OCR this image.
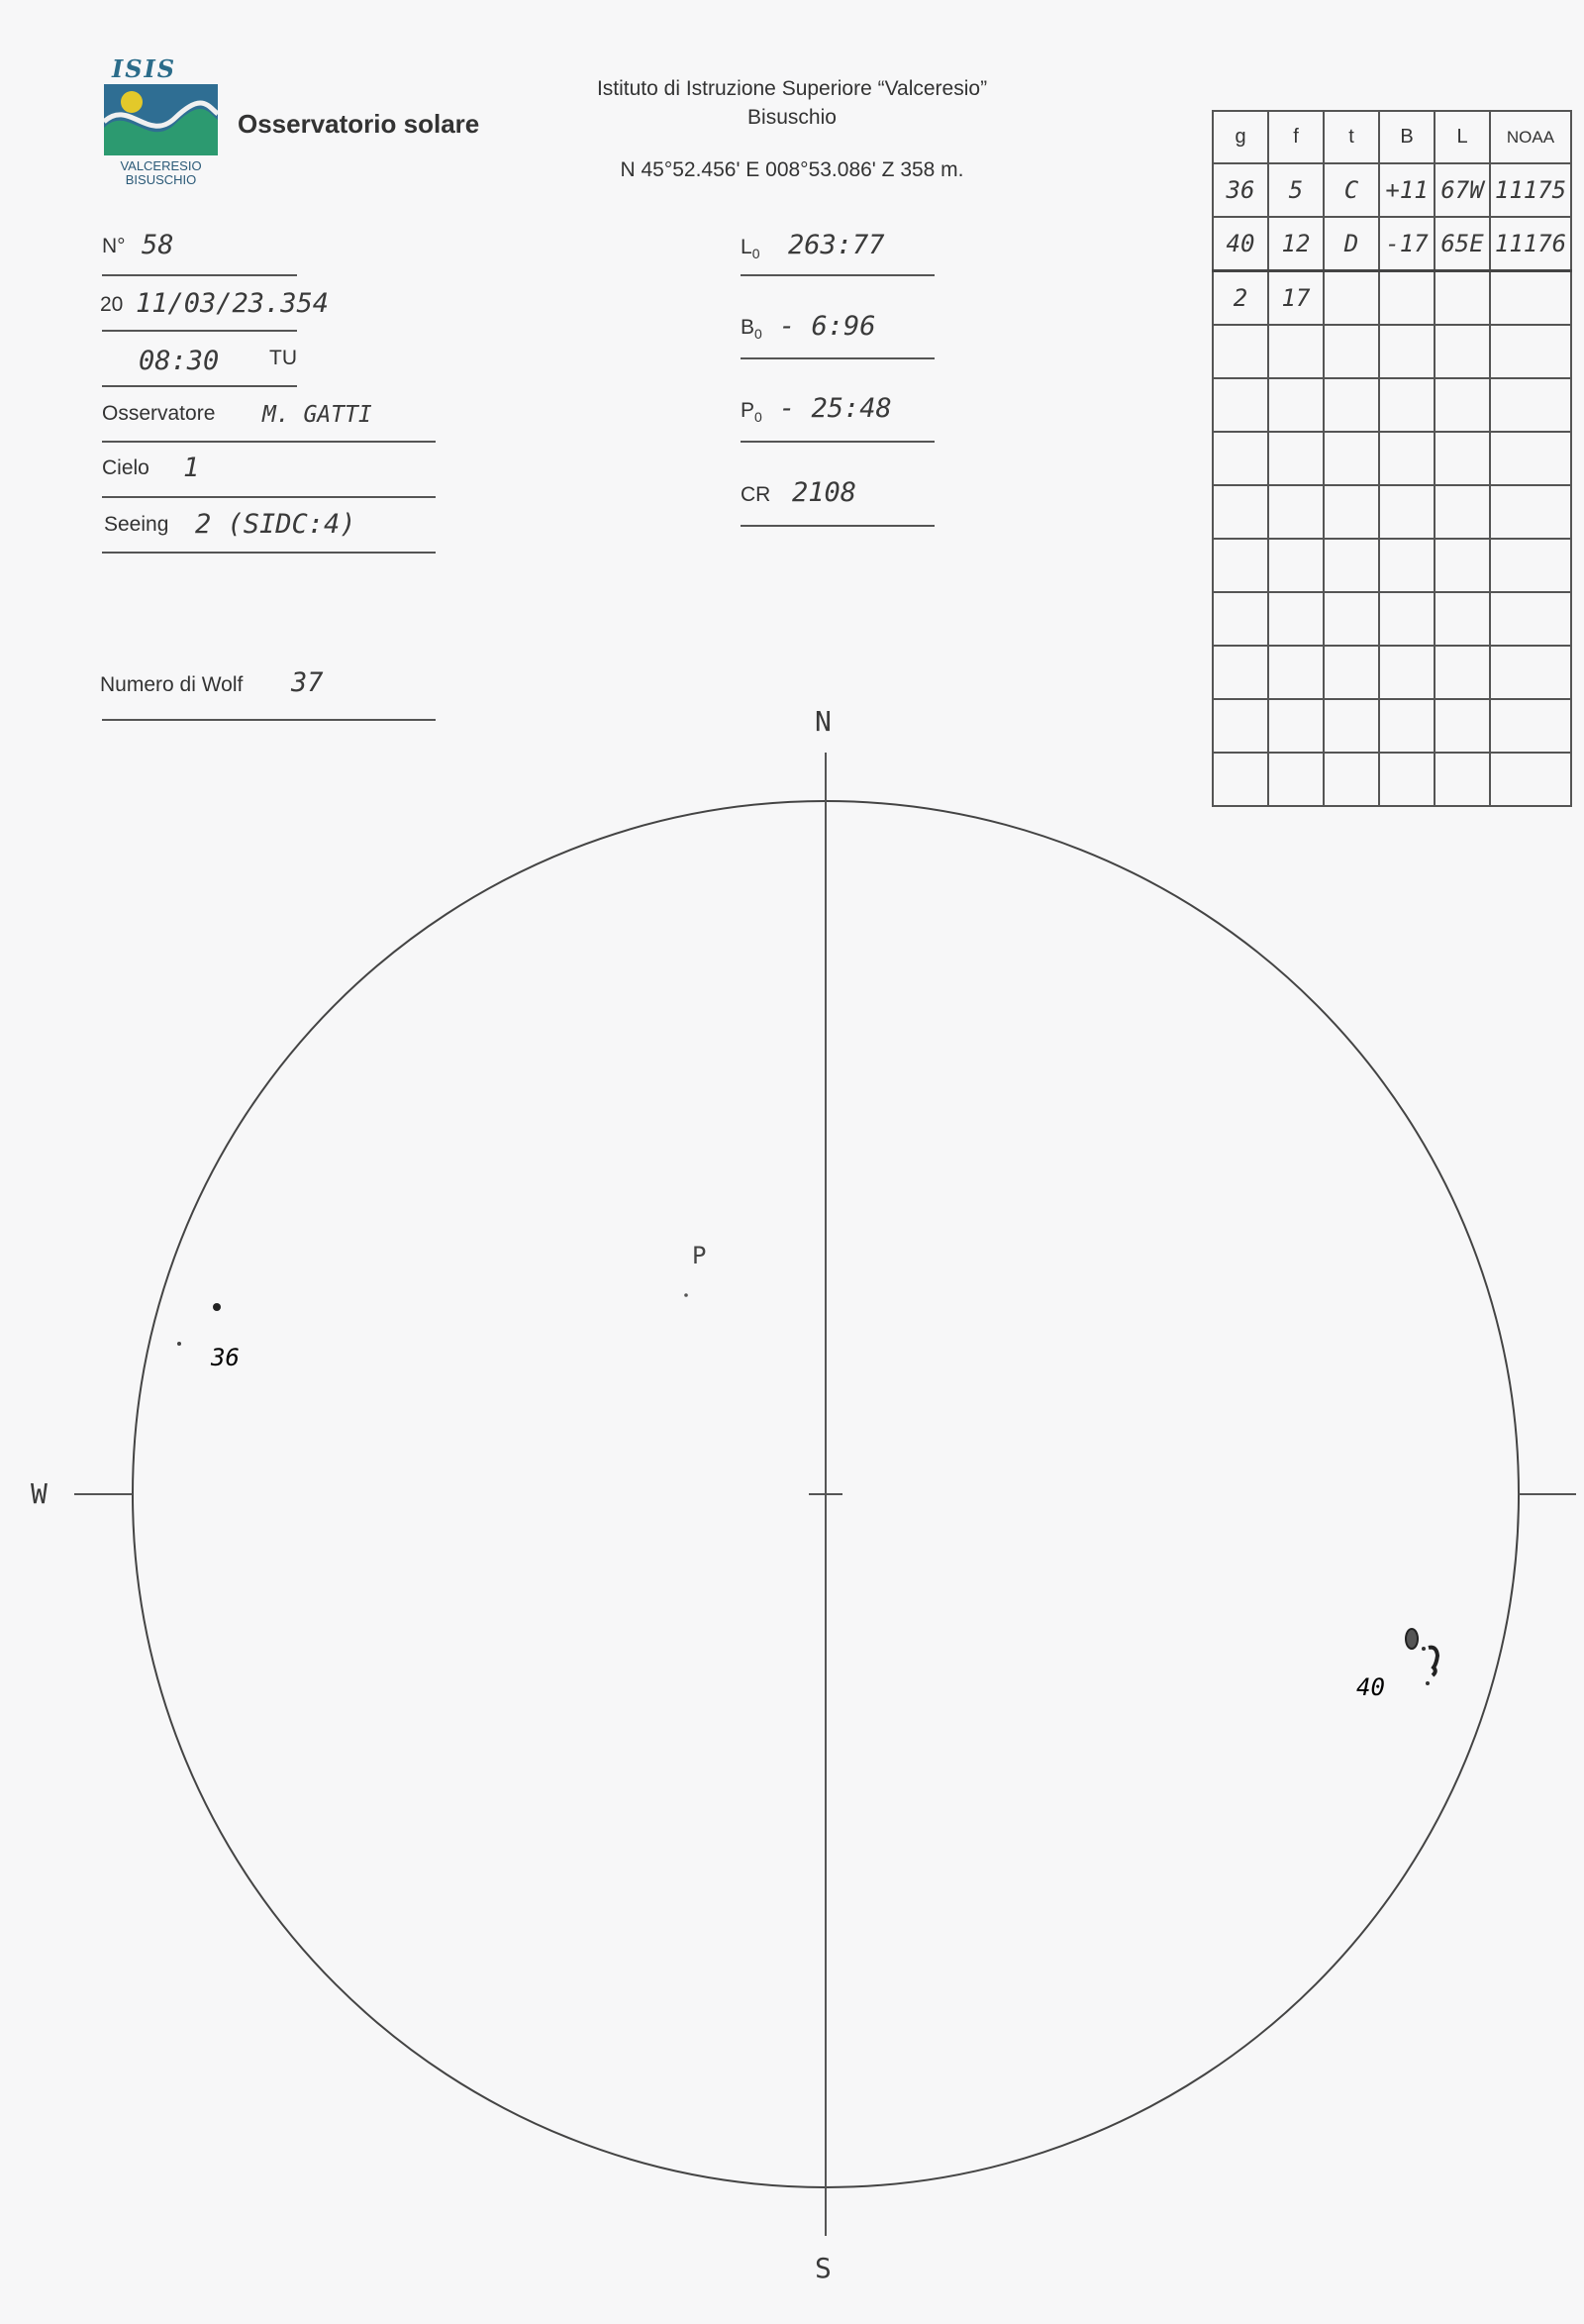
ISIS
VALCERESIO
BISUSCHIO
Osservatorio solare
Istituto di Istruzione Superiore “Valceresio”
Bisuschio
N 45°52.456' E 008°53.086' Z 358 m.
N° 58
20 11/03/23.354
08:30 TU
Osservatore M. GATTI
Cielo 1
Seeing 2 (SIDC:4)
Numero di Wolf 37
$L_0$ 263:77
$B_0$ - 6:96
$P_0$ - 25:48
CR 2108
g	f	t	B	L	NOAA
36	5	C	+11	67W	11175
40	12	D	-17	65E	11176
2	17				

N
S
W
P
36
40
